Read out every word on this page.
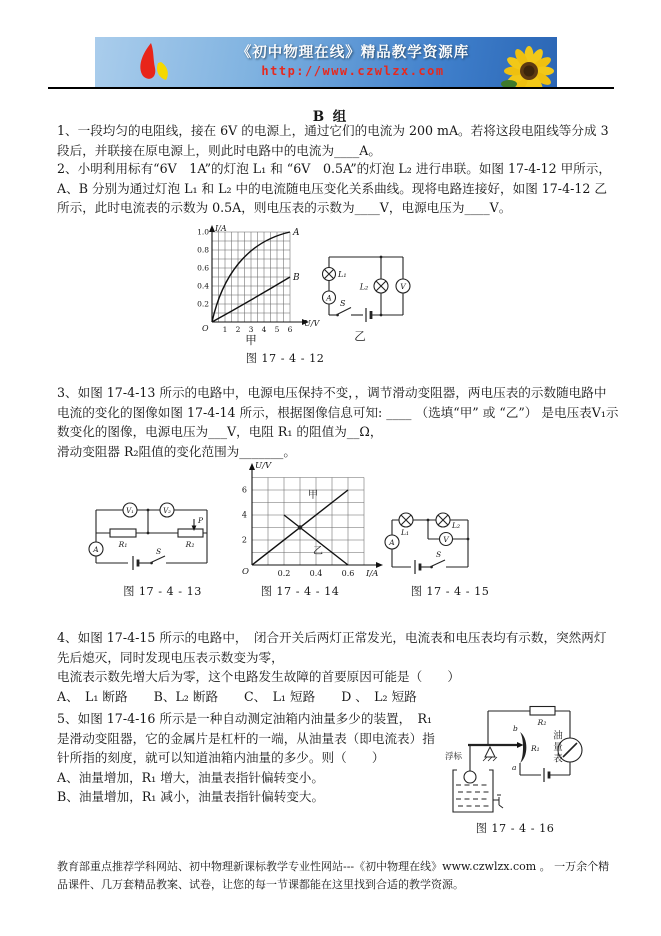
《初中物理在线》精品教学资源库
http://www.czwlzx.com
B 组
1、一段均匀的电阻线，接在 6V 的电源上，通过它们的电流为 200 mA。若将这段电阻线等分成 3 段后，并联接在原电源上，则此时电路中的电流为____A。
2、小明利用标有“6V　1A”的灯泡 L₁ 和 “6V　0.5A”的灯泡 L₂ 进行串联。如图 17-4-12 甲所示，A、B 分别为通过灯泡 L₁ 和 L₂ 中的电流随电压变化关系曲线。现将电路连接好，如图 17-4-12 乙所示，此时电流表的示数为 0.5A，则电压表的示数为____V，电源电压为____V。
A
B
I/A
U/V
O
0.2
0.4
0.6
0.8
1.0
1 2 3 4 5 6
甲
A
V
L₁
L₂
S
乙
图 17 - 4 - 12
3、如图 17-4-13 所示的电路中，电源电压保持不变，，调节滑动变阻器，两电压表的示数随电路中电流的变化的图像如图 17-4-14 所示，根据图像信息可知: ____ （选填“甲” 或 “乙”） 是电压表V₁示数变化的图像，电源电压为___V，电阻 R₁ 的阻值为__Ω，
滑动变阻器 R₂阻值的变化范围为_______。
V₁	V₂
P
R₁	R₂
A	S
图 17 - 4 - 13
U/V
I/A
O
2
4
6
0.2 0.4 0.6
甲
乙
图 17 - 4 - 14
V
A
S
L₁
L₂
图 17 - 4 - 15
4、如图 17-4-15 所示的电路中，　闭合开关后两灯正常发光，电流表和电压表均有示数，突然两灯先后熄灭，同时发现电压表示数变为零，
电流表示数先增大后为零，这个电路发生故障的首要原因可能是（　　）
A、　L₁ 断路 B、L₂ 断路 C、　L₁ 短路 D 、　L₂ 短路
5、如图 17-4-16 所示是一种自动测定油箱内油量多少的装置，　R₁ 是滑动变阻器，它的金属片是杠杆的一端，从油量表（即电流表）指针所指的刻度，就可以知道油箱内油量的多少。则（　　）
A、油量增加，R₁ 增大，油量表指针偏转变小。
B、油量增加，R₁ 减小，油量表指针偏转变大。
b
a
R₁
R₂
浮标	油量表
图 17 - 4 - 16
教育部重点推荐学科网站、初中物理新课标教学专业性网站---《初中物理在线》www.czwlzx.com 。 一万余个精品课件、几万套精品教案、试卷，让您的每一节课都能在这里找到合适的教学资源。
